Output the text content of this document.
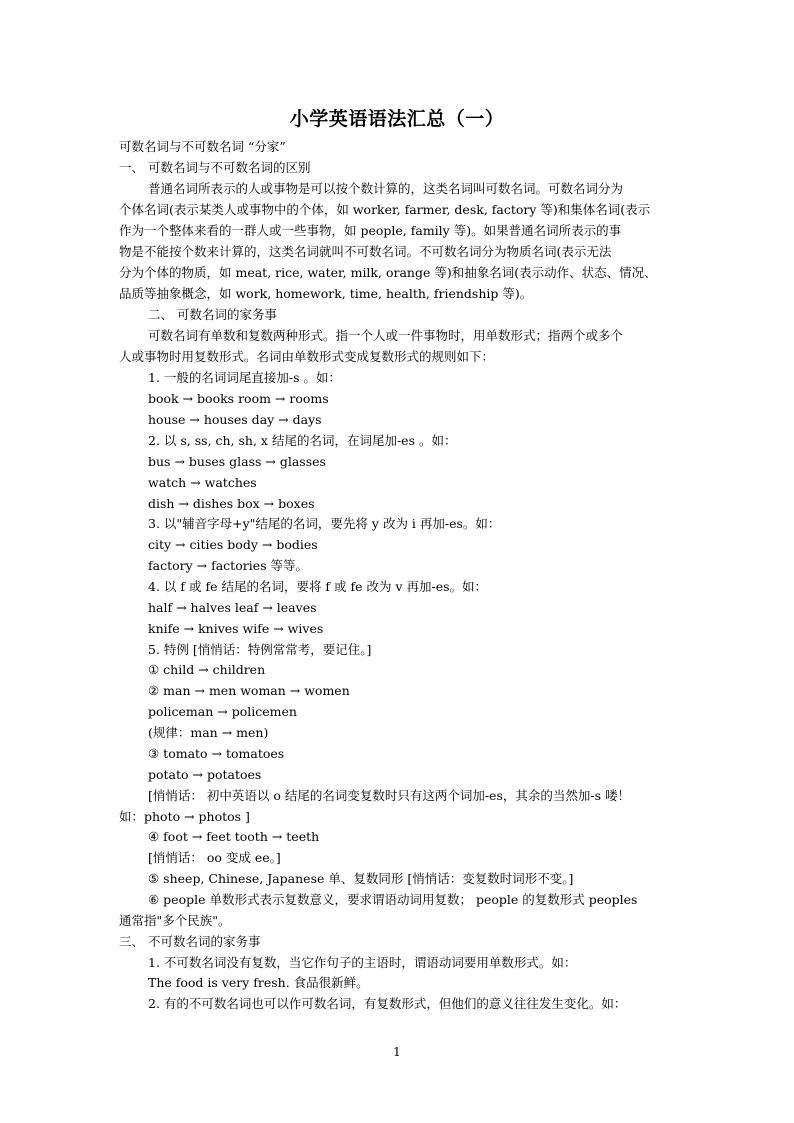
小学英语语法汇总（一）
可数名词与不可数名词 “分家”
一、 可数名词与不可数名词的区别
普通名词所表示的人或事物是可以按个数计算的，这类名词叫可数名词。可数名词分为
个体名词(表示某类人或事物中的个体，如 worker, farmer, desk, factory 等)和集体名词(表示
作为一个整体来看的一群人或一些事物，如 people, family 等)。如果普通名词所表示的事
物是不能按个数来计算的，这类名词就叫不可数名词。不可数名词分为物质名词(表示无法
分为个体的物质，如 meat, rice, water, milk, orange 等)和抽象名词(表示动作、状态、情况、
品质等抽象概念，如 work, homework, time, health, friendship 等)。
二、 可数名词的家务事
可数名词有单数和复数两种形式。指一个人或一件事物时，用单数形式；指两个或多个
人或事物时用复数形式。名词由单数形式变成复数形式的规则如下：
1. 一般的名词词尾直接加-s 。如：
book → books room → rooms
house → houses day → days
2. 以 s, ss, ch, sh, x 结尾的名词，在词尾加-es 。如：
bus → buses glass → glasses
watch → watches
dish → dishes box → boxes
3. 以"辅音字母+y"结尾的名词，要先将 y 改为 i 再加-es。如：
city → cities body → bodies
factory → factories 等等。
4. 以 f 或 fe 结尾的名词，要将 f 或 fe 改为 v 再加-es。如：
half → halves leaf → leaves
knife → knives wife → wives
5. 特例 [悄悄话：特例常常考，要记住。]
① child → children
② man → men woman → women
policeman → policemen
(规律：man → men)
③ tomato → tomatoes
potato → potatoes
[悄悄话： 初中英语以 o 结尾的名词变复数时只有这两个词加-es，其余的当然加-s 喽！
如：photo → photos ]
④ foot → feet tooth → teeth
[悄悄话： oo 变成 ee。]
⑤ sheep, Chinese, Japanese 单、复数同形 [悄悄话：变复数时词形不变。]
⑥ people 单数形式表示复数意义，要求谓语动词用复数； people 的复数形式 peoples
通常指"多个民族"。
三、 不可数名词的家务事
1. 不可数名词没有复数，当它作句子的主语时，谓语动词要用单数形式。如：
The food is very fresh. 食品很新鲜。
2. 有的不可数名词也可以作可数名词，有复数形式，但他们的意义往往发生变化。如：
1
